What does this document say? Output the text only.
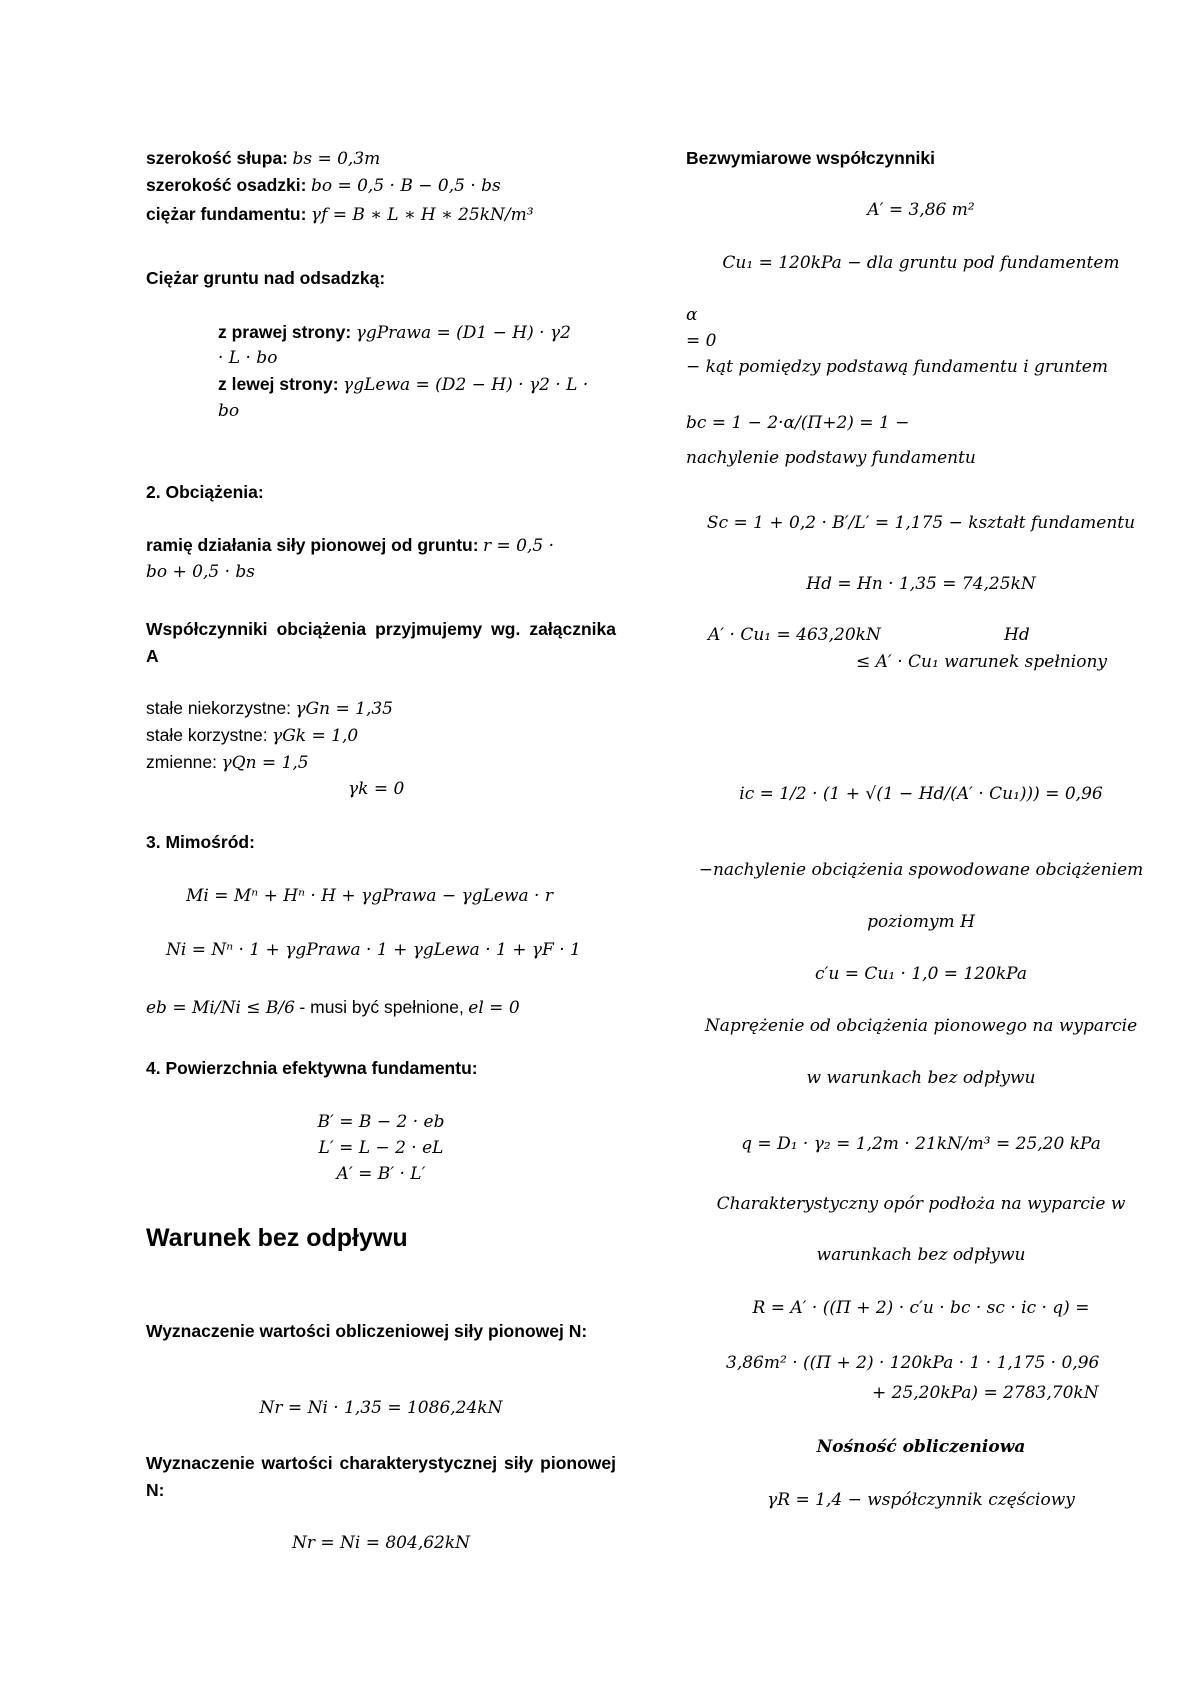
szerokość słupa: bs = 0,3m
szerokość osadzki: bo = 0,5 · B − 0,5 · bs
ciężar fundamentu: γf = B ∗ L ∗ H ∗ 25kN/m³
Ciężar gruntu nad odsadzką:
z prawej strony: γgPrawa = (D1 − H) · γ2
· L · bo
z lewej strony: γgLewa = (D2 − H) · γ2 · L ·
bo
2. Obciążenia:
ramię działania siły pionowej od gruntu: r = 0,5 ·
bo + 0,5 · bs
Współczynniki obciążenia przyjmujemy wg. załącznika A
stałe niekorzystne: γGn = 1,35
stałe korzystne: γGk = 1,0
zmienne: γQn = 1,5
γk = 0
3. Mimośród:
Mi = Mⁿ + Hⁿ · H + γgPrawa − γgLewa · r
Ni = Nⁿ · 1 + γgPrawa · 1 + γgLewa · 1 + γF · 1
eb = Mi/Ni ≤ B/6 - musi być spełnione, el = 0
4. Powierzchnia efektywna fundamentu:
B′ = B − 2 · eb
L′ = L − 2 · eL
A′ = B′ · L′
Warunek bez odpływu
Wyznaczenie wartości obliczeniowej siły pionowej N:
Nr = Ni · 1,35 = 1086,24kN
Wyznaczenie wartości charakterystycznej siły pionowej N:
Nr = Ni = 804,62kN
Bezwymiarowe współczynniki
A′ = 3,86 m²
Cu₁ = 120kPa − dla gruntu pod fundamentem
α
= 0
− kąt pomiędzy podstawą fundamentu i gruntem
bc = 1 − 2·α/(Π+2) = 1 −
nachylenie podstawy fundamentu
Sc = 1 + 0,2 · B′/L′ = 1,175 − kształt fundamentu
Hd = Hn · 1,35 = 74,25kN
A′ · Cu₁ = 463,20kN	Hd
≤ A′ · Cu₁ warunek spełniony
ic = 1/2 · (1 + √(1 − Hd/(A′ · Cu₁))) = 0,96
−nachylenie obciążenia spowodowane obciążeniem
poziomym H
c′u = Cu₁ · 1,0 = 120kPa
Naprężenie od obciążenia pionowego na wyparcie
w warunkach bez odpływu
q = D₁ · γ₂ = 1,2m · 21kN/m³ = 25,20 kPa
Charakterystyczny opór podłoża na wyparcie w
warunkach bez odpływu
R = A′ · ((Π + 2) · c′u · bc · sc · ic · q) =
3,86m² · ((Π + 2) · 120kPa · 1 · 1,175 · 0,96
+ 25,20kPa) = 2783,70kN
Nośność obliczeniowa
γR = 1,4 − współczynnik częściowy
